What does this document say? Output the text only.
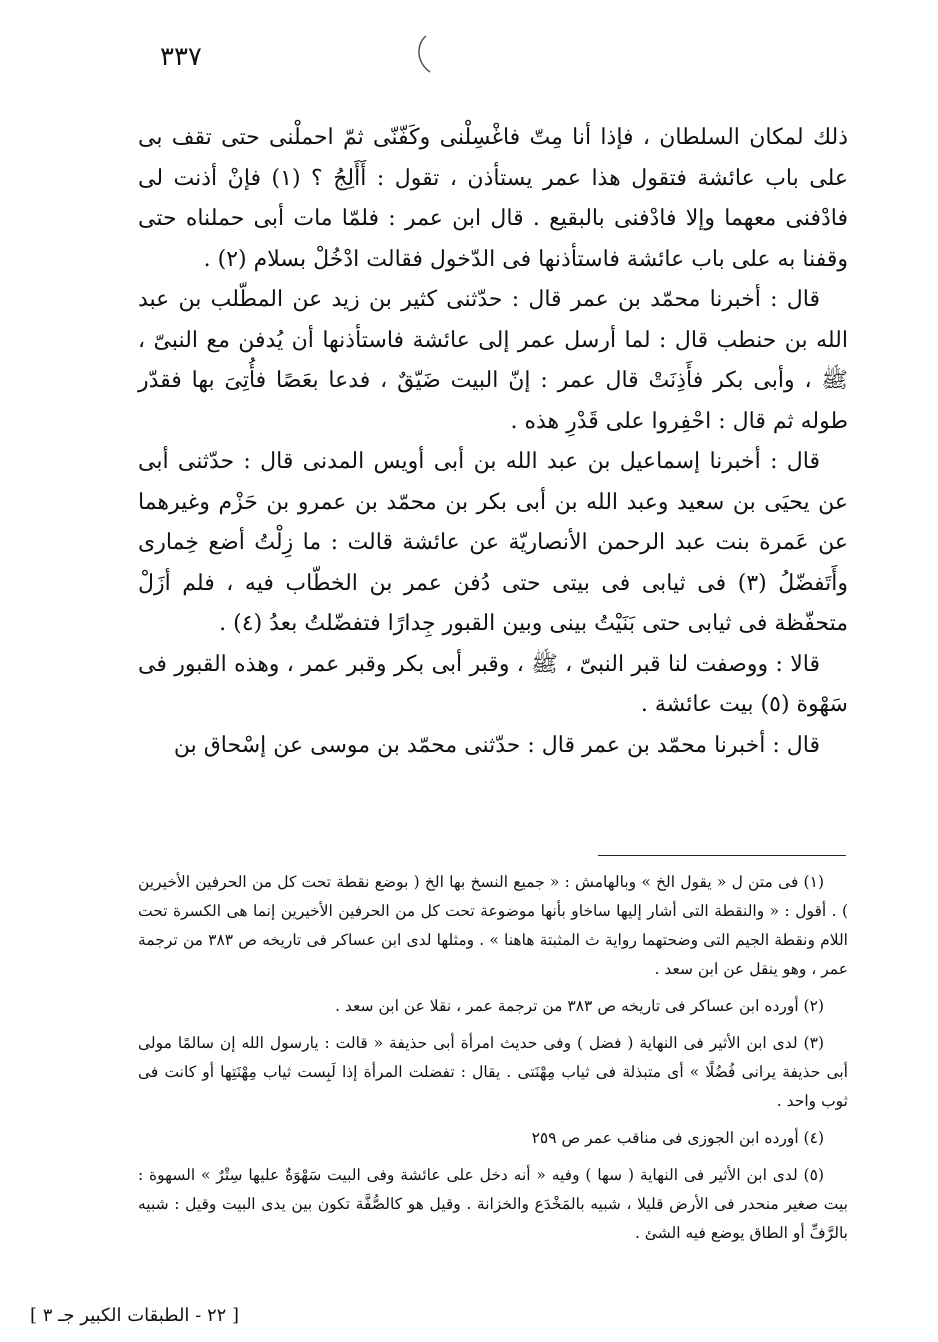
٣٣٧

ذلك لمكان السلطان ، فإذا أنا مِتّ فاغْسِلْنى وكَفّنّى ثمّ احملْنى حتى تقف بى على باب عائشة فتقول هذا عمر يستأذن ، تقول : أَأَلِجُ ؟ (١) فإنْ أذنت لى فادْفنى معهما وإلا فادْفنى بالبقيع . قال ابن عمر : فلمّا مات أبى حملناه حتى وقفنا به على باب عائشة فاستأذنها فى الدّخول فقالت ادْخُلْ بسلام (٢) .

قال : أخبرنا محمّد بن عمر قال : حدّثنى كثير بن زيد عن المطّلب بن عبد الله بن حنطب قال : لما أرسل عمر إلى عائشة فاستأذنها أن يُدفن مع النبىّ ، ﷺ ، وأبى بكر فأَذِنَتْ قال عمر : إنّ البيت ضَيّقٌ ، فدعا بعَصًا فأُتِىَ بها فقدّر طوله ثم قال : احْفِروا على قَدْرِ هذه .

قال : أخبرنا إسماعيل بن عبد الله بن أبى أويس المدنى قال : حدّثنى أبى عن يحيَى بن سعيد وعبد الله بن أبى بكر بن محمّد بن عمرو بن حَزْم وغيرهما عن عَمرة بنت عبد الرحمن الأنصاريّة عن عائشة قالت : ما زِلْتُ أضع خِمارى وأَتَفضّلُ (٣) فى ثيابى فى بيتى حتى دُفن عمر بن الخطّاب فيه ، فلم أزَلْ متحفّظة فى ثيابى حتى بَنَيْتُ بينى وبين القبور جِدارًا فتفضّلتُ بعدُ (٤) .

قالا : ووصفت لنا قبر النبىّ ، ﷺ ، وقبر أبى بكر وقبر عمر ، وهذه القبور فى سَهْوة (٥) بيت عائشة .

قال : أخبرنا محمّد بن عمر قال : حدّثنى محمّد بن موسى عن إسْحاق بن

(١) فى متن ل « يقول الخ » وبالهامش : « جميع النسخ بها الخ ( بوضع نقطة تحت كل من الحرفين الأخيرين ) . أقول : « والنقطة التى أشار إليها ساخاو بأنها موضوعة تحت كل من الحرفين الأخيرين إنما هى الكسرة تحت اللام ونقطة الجيم التى وضحتهما رواية ث المثبتة هاهنا » . ومثلها لدى ابن عساكر فى تاريخه ص ٣٨٣ من ترجمة عمر ، وهو ينقل عن ابن سعد .

(٢) أورده ابن عساكر فى تاريخه ص ٣٨٣ من ترجمة عمر ، نقلا عن ابن سعد .

(٣) لدى ابن الأثير فى النهاية ( فضل ) وفى حديث امرأة أبى حذيفة « قالت : يارسول الله إن سالمًا مولى أبى حذيفة يرانى فُضُلًا » أى متبذلة فى ثياب مِهْنَتى . يقال : تفضلت المرأة إذا لَبِست ثياب مِهْنَتِها أو كانت فى ثوب واحد .

(٤) أورده ابن الجوزى فى مناقب عمر ص ٢٥٩

(٥) لدى ابن الأثير فى النهاية ( سها ) وفيه « أنه دخل على عائشة وفى البيت سَهْوَةٌ عليها سِتْرٌ » السهوة : بيت صغير منحدر فى الأرض قليلا ، شبيه بالمَخْدَع والخزانة . وقيل هو كالصُّفَّة تكون بين يدى البيت وقيل : شبيه بالرَّفِّ أو الطاق يوضع فيه الشئ .

[ ٢٢ - الطبقات الكبير جـ ٣ ]
